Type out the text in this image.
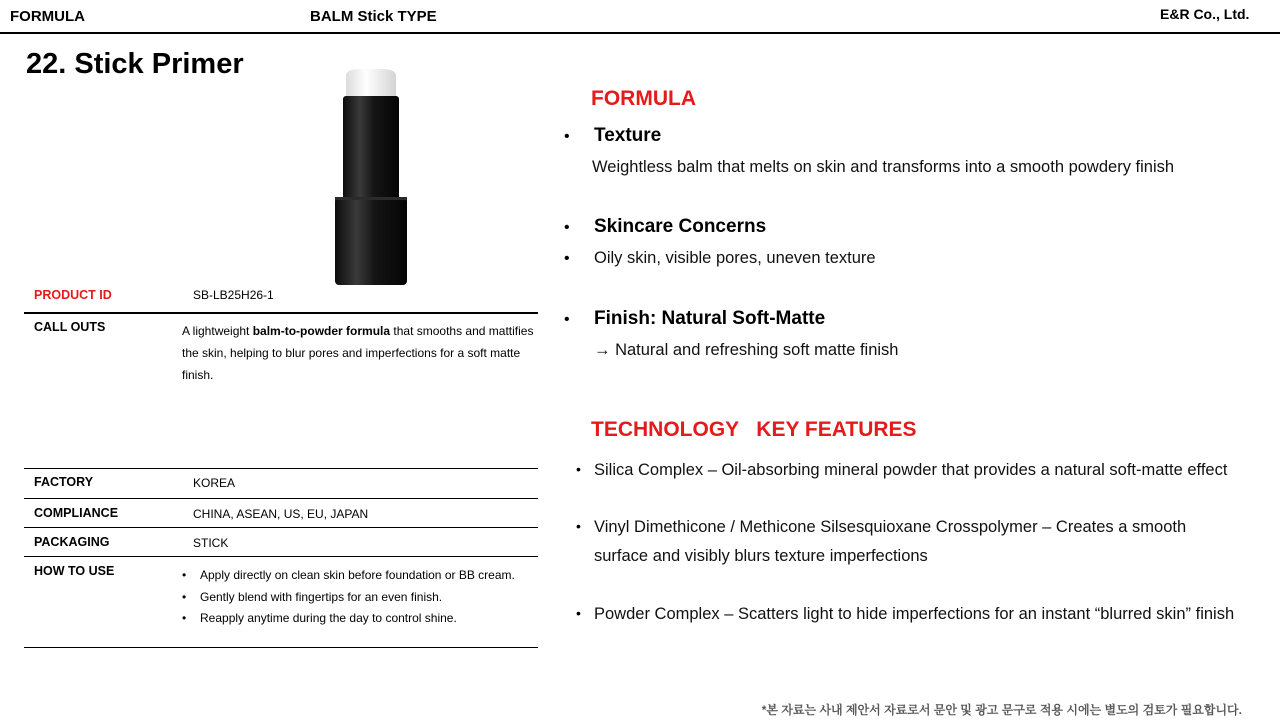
FORMULA	BALM Stick TYPE	E&R Co., Ltd.
22. Stick Primer
PRODUCT ID	SB-LB25H26-1
CALL OUTS	A lightweight balm-to-powder formula that smooths and mattifies the skin, helping to blur pores and imperfections for a soft matte finish.
FACTORY	KOREA
COMPLIANCE	CHINA, ASEAN, US, EU, JAPAN
PACKAGING	STICK
HOW TO USE
•	Apply directly on clean skin before foundation or BB cream.
• Gently blend with fingertips for an even finish.
• Reapply anytime during the day to control shine.
FORMULA
• Texture
Weightless balm that melts on skin and transforms into a smooth powdery finish
• Skincare Concerns
• Oily skin, visible pores, uneven texture
• Finish: Natural Soft-Matte
→ Natural and refreshing soft matte finish
TECHNOLOGY   KEY FEATURES
• Silica Complex – Oil-absorbing mineral powder that provides a natural soft-matte effect
• Vinyl Dimethicone / Methicone Silsesquioxane Crosspolymer – Creates a smooth surface and visibly blurs texture imperfections
• Powder Complex – Scatters light to hide imperfections for an instant “blurred skin” finish
*본 자료는 사내 제안서 자료로서 문안 및 광고 문구로 적용 시에는 별도의 검토가 필요합니다.
